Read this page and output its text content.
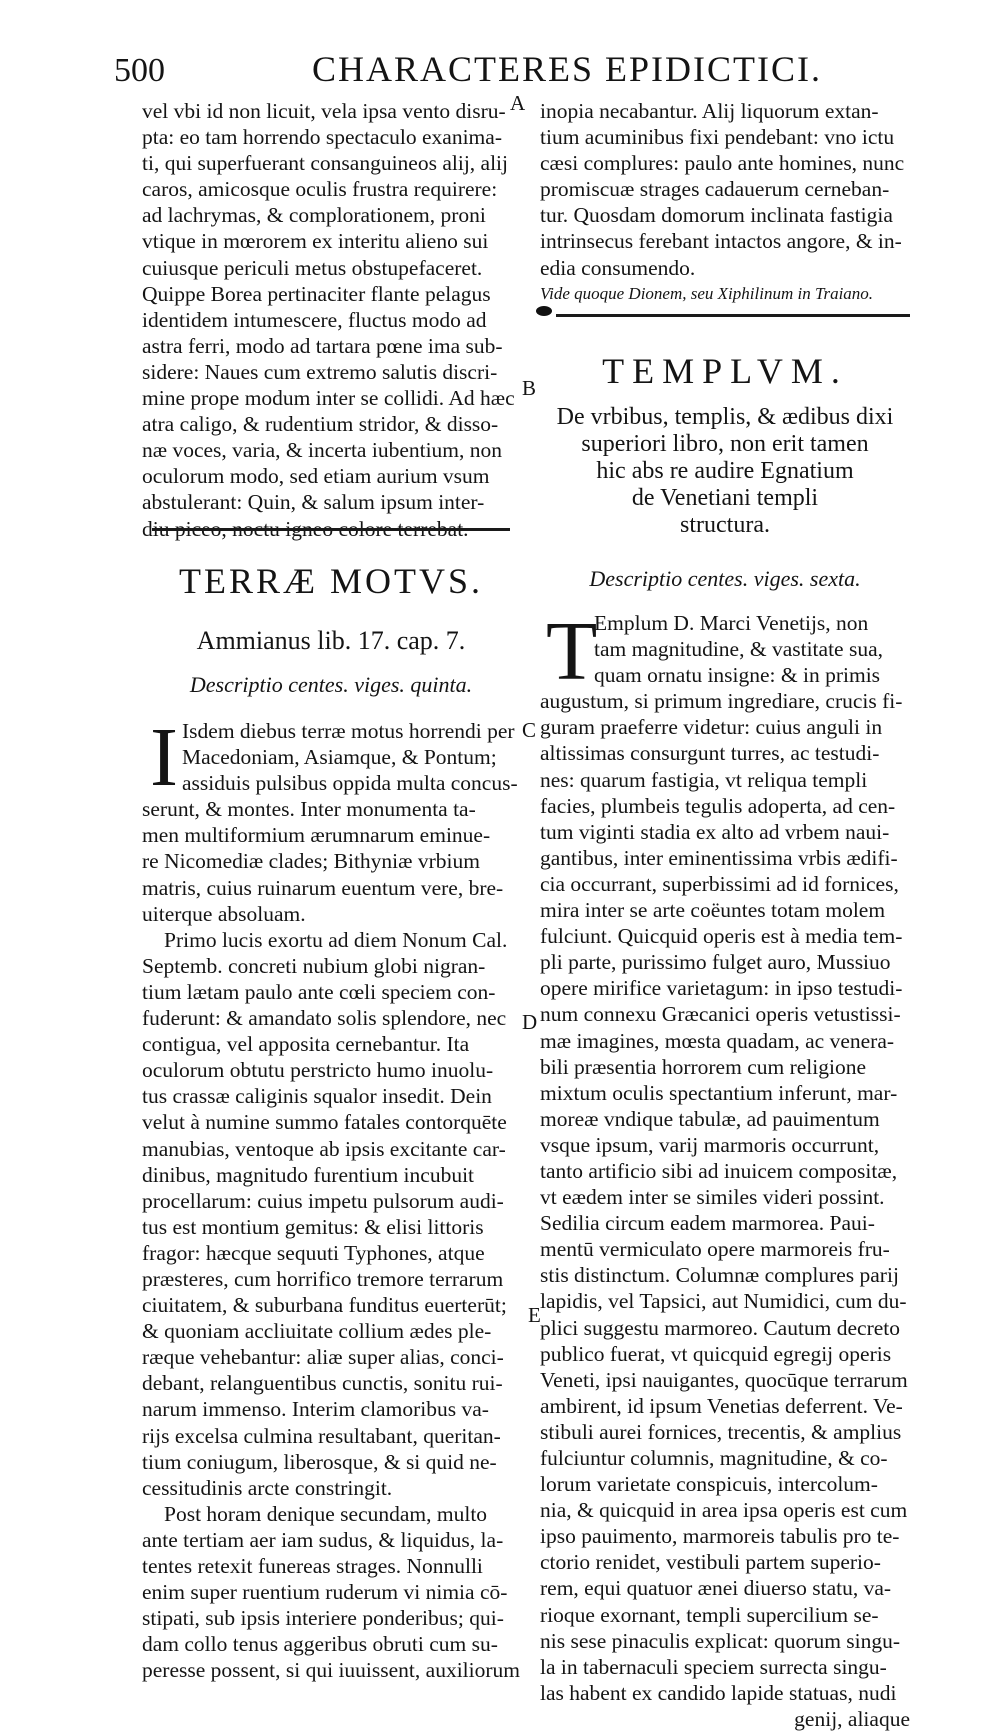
500	CHARACTERES EPIDICTICI.
A
B
C
D
E
vel vbi id non licuit, vela ipsa vento disru-
pta: eo tam horrendo spectaculo exanima-
ti, qui superfuerant consanguineos alij, alij
caros, amicosque oculis frustra requirere:
ad lachrymas, & complorationem, proni
vtique in mœrorem ex interitu alieno sui
cuiusque periculi metus obstupefaceret.
Quippe Borea pertinaciter flante pelagus
identidem intumescere, fluctus modo ad
astra ferri, modo ad tartara pœne ima sub-
sidere: Naues cum extremo salutis discri-
mine prope modum inter se collidi. Ad hæc
atra caligo, & rudentium stridor, & disso-
næ voces, varia, & incerta iubentium, non
oculorum modo, sed etiam aurium vsum
abstulerant: Quin, & salum ipsum inter-
diu piceo, noctu igneo colore terrebat.
TERRÆ MOTVS.
Ammianus lib. 17. cap. 7.
Descriptio centes. viges. quinta.
I Isdem diebus terræ motus horrendi per
Macedoniam, Asiamque, & Pontum;
assiduis pulsibus oppida multa concus-
serunt, & montes. Inter monumenta ta-
men multiformium ærumnarum eminue-
re Nicomediæ clades; Bithyniæ vrbium
matris, cuius ruinarum euentum vere, bre-
uiterque absoluam.
Primo lucis exortu ad diem Nonum Cal.
Septemb. concreti nubium globi nigran-
tium lætam paulo ante cœli speciem con-
fuderunt: & amandato solis splendore, nec
contigua, vel apposita cernebantur. Ita
oculorum obtutu perstricto humo inuolu-
tus crassæ caliginis squalor insedit. Dein
velut à numine summo fatales contorquēte
manubias, ventoque ab ipsis excitante car-
dinibus, magnitudo furentium incubuit
procellarum: cuius impetu pulsorum audi-
tus est montium gemitus: & elisi littoris
fragor: hæcque sequuti Typhones, atque
præsteres, cum horrifico tremore terrarum
ciuitatem, & suburbana funditus euerterūt;
& quoniam accliuitate collium ædes ple-
ræque vehebantur: aliæ super alias, conci-
debant, relanguentibus cunctis, sonitu rui-
narum immenso. Interim clamoribus va-
rijs excelsa culmina resultabant, queritan-
tium coniugum, liberosque, & si quid ne-
cessitudinis arcte constringit.
Post horam denique secundam, multo
ante tertiam aer iam sudus, & liquidus, la-
tentes retexit funereas strages. Nonnulli
enim super ruentium ruderum vi nimia cō-
stipati, sub ipsis interiere ponderibus; qui-
dam collo tenus aggeribus obruti cum su-
peresse possent, si qui iuuissent, auxiliorum
inopia necabantur. Alij liquorum extan-
tium acuminibus fixi pendebant: vno ictu
cæsi complures: paulo ante homines, nunc
promiscuæ strages cadauerum cerneban-
tur. Quosdam domorum inclinata fastigia
intrinsecus ferebant intactos angore, & in-
edia consumendo.
Vide quoque Dionem, seu Xiphilinum in Traiano.
TEMPLVM.
De vrbibus, templis, & ædibus dixi
superiori libro, non erit tamen
hic abs re audire Egnatium
de Venetiani templi
structura.
Descriptio centes. viges. sexta.
T
Emplum D. Marci Venetijs, non
tam magnitudine, & vastitate sua,
quam ornatu insigne: & in primis
augustum, si primum ingrediare, crucis fi-
guram praeferre videtur: cuius anguli in
altissimas consurgunt turres, ac testudi-
nes: quarum fastigia, vt reliqua templi
facies, plumbeis tegulis adoperta, ad cen-
tum viginti stadia ex alto ad vrbem naui-
gantibus, inter eminentissima vrbis ædifi-
cia occurrant, superbissimi ad id fornices,
mira inter se arte coëuntes totam molem
fulciunt. Quicquid operis est à media tem-
pli parte, purissimo fulget auro, Mussiuo
opere mirifice varietagum: in ipso testudi-
num connexu Græcanici operis vetustissi-
mæ imagines, mœsta quadam, ac venera-
bili præsentia horrorem cum religione
mixtum oculis spectantium inferunt, mar-
moreæ vndique tabulæ, ad pauimentum
vsque ipsum, varij marmoris occurrunt,
tanto artificio sibi ad inuicem compositæ,
vt eædem inter se similes videri possint.
Sedilia circum eadem marmorea. Paui-
mentū vermiculato opere marmoreis fru-
stis distinctum. Columnæ complures parij
lapidis, vel Tapsici, aut Numidici, cum du-
plici suggestu marmoreo. Cautum decreto
publico fuerat, vt quicquid egregij operis
Veneti, ipsi nauigantes, quocūque terrarum
ambirent, id ipsum Venetias deferrent. Ve-
stibuli aurei fornices, trecentis, & amplius
fulciuntur columnis, magnitudine, & co-
lorum varietate conspicuis, intercolum-
nia, & quicquid in area ipsa operis est cum
ipso pauimento, marmoreis tabulis pro te-
ctorio renidet, vestibuli partem superio-
rem, equi quatuor ænei diuerso statu, va-
rioque exornant, templi supercilium se-
nis sese pinaculis explicat: quorum singu-
la in tabernaculi speciem surrecta singu-
las habent ex candido lapide statuas, nudi
genij, aliaque
